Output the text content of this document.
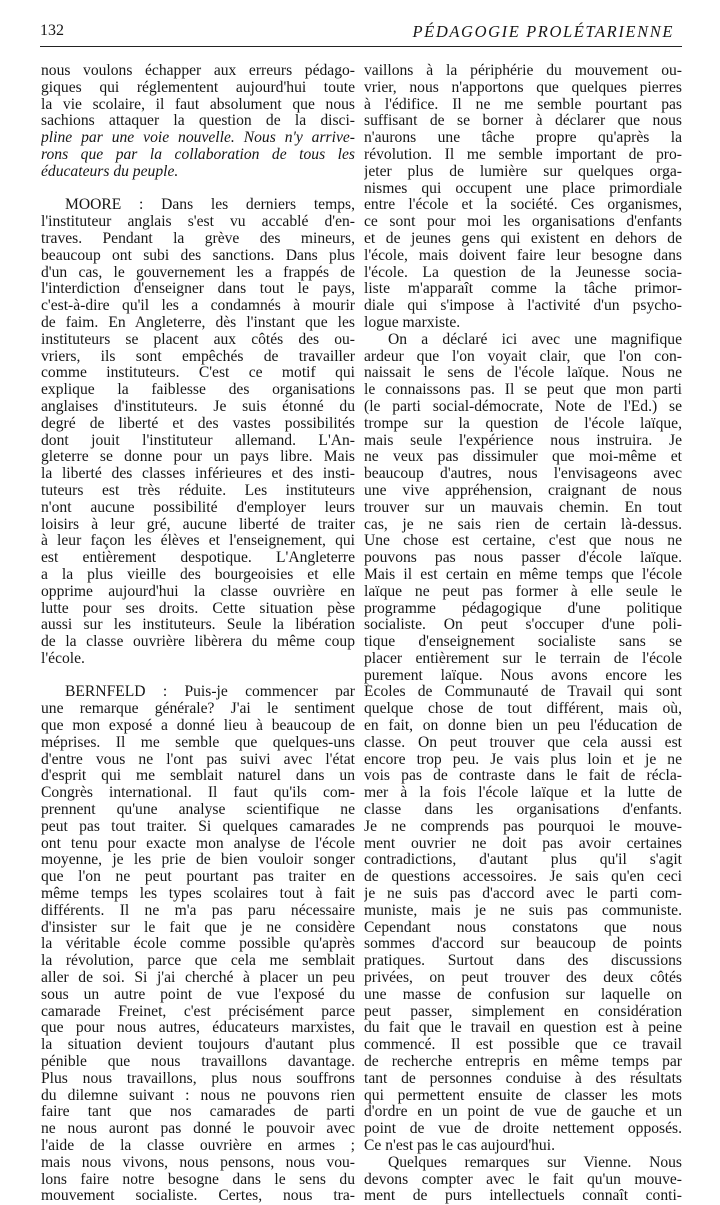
132	PÉDAGOGIE PROLÉTARIENNE
nous voulons échapper aux erreurs pédago-
giques qui réglementent aujourd'hui toute
la vie scolaire, il faut absolument que nous
sachions attaquer la question de la disci-
pline par une voie nouvelle. Nous n'y arrive-
rons que par la collaboration de tous les
éducateurs du peuple.
MOORE : Dans les derniers temps,
l'instituteur anglais s'est vu accablé d'en-
traves. Pendant la grève des mineurs,
beaucoup ont subi des sanctions. Dans plus
d'un cas, le gouvernement les a frappés de
l'interdiction d'enseigner dans tout le pays,
c'est-à-dire qu'il les a condamnés à mourir
de faim. En Angleterre, dès l'instant que les
instituteurs se placent aux côtés des ou-
vriers, ils sont empêchés de travailler
comme instituteurs. C'est ce motif qui
explique la faiblesse des organisations
anglaises d'instituteurs. Je suis étonné du
degré de liberté et des vastes possibilités
dont jouit l'instituteur allemand. L'An-
gleterre se donne pour un pays libre. Mais
la liberté des classes inférieures et des insti-
tuteurs est très réduite. Les instituteurs
n'ont aucune possibilité d'employer leurs
loisirs à leur gré, aucune liberté de traiter
à leur façon les élèves et l'enseignement, qui
est entièrement despotique. L'Angleterre
a la plus vieille des bourgeoisies et elle
opprime aujourd'hui la classe ouvrière en
lutte pour ses droits. Cette situation pèse
aussi sur les instituteurs. Seule la libération
de la classe ouvrière libèrera du même coup
l'école.
BERNFELD : Puis-je commencer par
une remarque générale? J'ai le sentiment
que mon exposé a donné lieu à beaucoup de
méprises. Il me semble que quelques-uns
d'entre vous ne l'ont pas suivi avec l'état
d'esprit qui me semblait naturel dans un
Congrès international. Il faut qu'ils com-
prennent qu'une analyse scientifique ne
peut pas tout traiter. Si quelques camarades
ont tenu pour exacte mon analyse de l'école
moyenne, je les prie de bien vouloir songer
que l'on ne peut pourtant pas traiter en
même temps les types scolaires tout à fait
différents. Il ne m'a pas paru nécessaire
d'insister sur le fait que je ne considère
la véritable école comme possible qu'après
la révolution, parce que cela me semblait
aller de soi. Si j'ai cherché à placer un peu
sous un autre point de vue l'exposé du
camarade Freinet, c'est précisément parce
que pour nous autres, éducateurs marxistes,
la situation devient toujours d'autant plus
pénible que nous travaillons davantage.
Plus nous travaillons, plus nous souffrons
du dilemne suivant : nous ne pouvons rien
faire tant que nos camarades de parti
ne nous auront pas donné le pouvoir avec
l'aide de la classe ouvrière en armes ;
mais nous vivons, nous pensons, nous vou-
lons faire notre besogne dans le sens du
mouvement socialiste. Certes, nous tra-
vaillons à la périphérie du mouvement ou-
vrier, nous n'apportons que quelques pierres
à l'édifice. Il ne me semble pourtant pas
suffisant de se borner à déclarer que nous
n'aurons une tâche propre qu'après la
révolution. Il me semble important de pro-
jeter plus de lumière sur quelques orga-
nismes qui occupent une place primordiale
entre l'école et la société. Ces organismes,
ce sont pour moi les organisations d'enfants
et de jeunes gens qui existent en dehors de
l'école, mais doivent faire leur besogne dans
l'école. La question de la Jeunesse socia-
liste m'apparaît comme la tâche primor-
diale qui s'impose à l'activité d'un psycho-
logue marxiste.
On a déclaré ici avec une magnifique
ardeur que l'on voyait clair, que l'on con-
naissait le sens de l'école laïque. Nous ne
le connaissons pas. Il se peut que mon parti
(le parti social-démocrate, Note de l'Ed.) se
trompe sur la question de l'école laïque,
mais seule l'expérience nous instruira. Je
ne veux pas dissimuler que moi-même et
beaucoup d'autres, nous l'envisageons avec
une vive appréhension, craignant de nous
trouver sur un mauvais chemin. En tout
cas, je ne sais rien de certain là-dessus.
Une chose est certaine, c'est que nous ne
pouvons pas nous passer d'école laïque.
Mais il est certain en même temps que l'école
laïque ne peut pas former à elle seule le
programme pédagogique d'une politique
socialiste. On peut s'occuper d'une poli-
tique d'enseignement socialiste sans se
placer entièrement sur le terrain de l'école
purement laïque. Nous avons encore les
Écoles de Communauté de Travail qui sont
quelque chose de tout différent, mais où,
en fait, on donne bien un peu l'éducation de
classe. On peut trouver que cela aussi est
encore trop peu. Je vais plus loin et je ne
vois pas de contraste dans le fait de récla-
mer à la fois l'école laïque et la lutte de
classe dans les organisations d'enfants.
Je ne comprends pas pourquoi le mouve-
ment ouvrier ne doit pas avoir certaines
contradictions, d'autant plus qu'il s'agit
de questions accessoires. Je sais qu'en ceci
je ne suis pas d'accord avec le parti com-
muniste, mais je ne suis pas communiste.
Cependant nous constatons que nous
sommes d'accord sur beaucoup de points
pratiques. Surtout dans des discussions
privées, on peut trouver des deux côtés
une masse de confusion sur laquelle on
peut passer, simplement en considération
du fait que le travail en question est à peine
commencé. Il est possible que ce travail
de recherche entrepris en même temps par
tant de personnes conduise à des résultats
qui permettent ensuite de classer les mots
d'ordre en un point de vue de gauche et un
point de vue de droite nettement opposés.
Ce n'est pas le cas aujourd'hui.
Quelques remarques sur Vienne. Nous
devons compter avec le fait qu'un mouve-
ment de purs intellectuels connaît conti-
